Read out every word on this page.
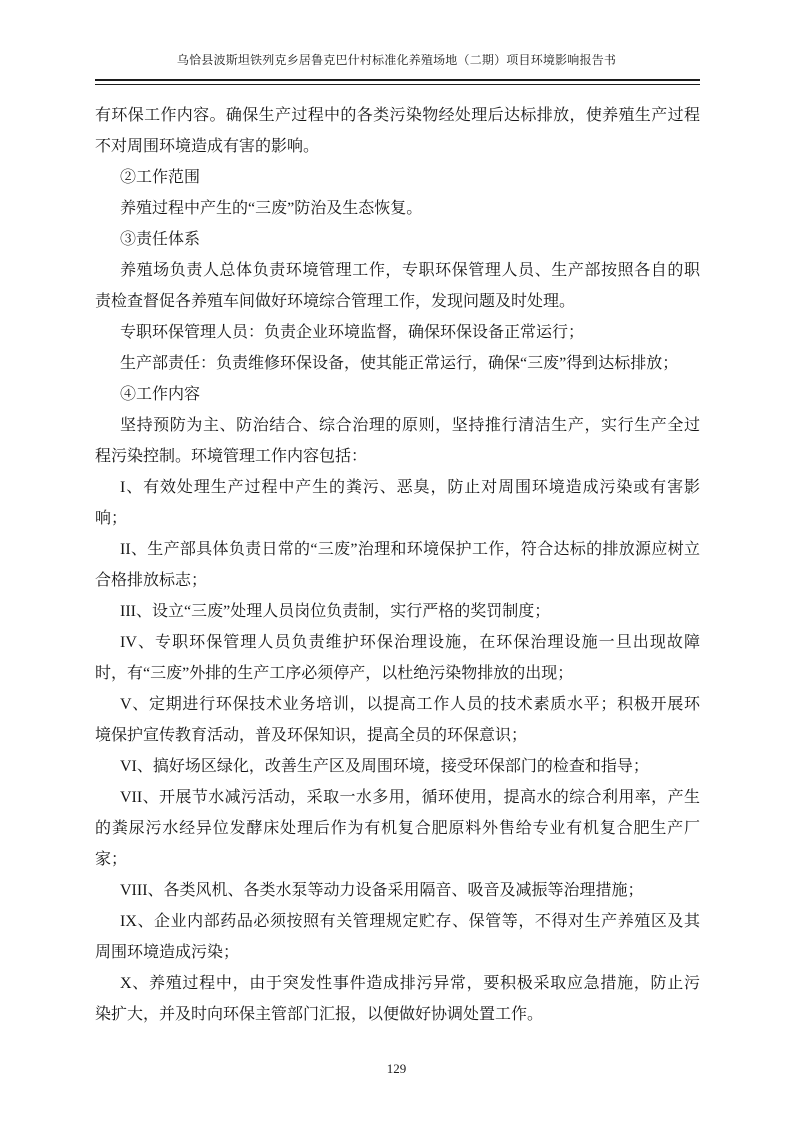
乌恰县波斯坦铁列克乡居鲁克巴什村标准化养殖场地（二期）项目环境影响报告书
有环保工作内容。确保生产过程中的各类污染物经处理后达标排放，使养殖生产过程
不对周围环境造成有害的影响。
②工作范围
养殖过程中产生的“三废”防治及生态恢复。
③责任体系
养殖场负责人总体负责环境管理工作，专职环保管理人员、生产部按照各自的职
责检查督促各养殖车间做好环境综合管理工作，发现问题及时处理。
专职环保管理人员：负责企业环境监督，确保环保设备正常运行；
生产部责任：负责维修环保设备，使其能正常运行，确保“三废”得到达标排放；
④工作内容
坚持预防为主、防治结合、综合治理的原则，坚持推行清洁生产，实行生产全过
程污染控制。环境管理工作内容包括：
I、有效处理生产过程中产生的粪污、恶臭，防止对周围环境造成污染或有害影
响；
II、生产部具体负责日常的“三废”治理和环境保护工作，符合达标的排放源应树立
合格排放标志；
III、设立“三废”处理人员岗位负责制，实行严格的奖罚制度；
IV、专职环保管理人员负责维护环保治理设施，在环保治理设施一旦出现故障
时，有“三废”外排的生产工序必须停产，以杜绝污染物排放的出现；
V、定期进行环保技术业务培训，以提高工作人员的技术素质水平；积极开展环
境保护宣传教育活动，普及环保知识，提高全员的环保意识；
VI、搞好场区绿化，改善生产区及周围环境，接受环保部门的检查和指导；
VII、开展节水减污活动，采取一水多用，循环使用，提高水的综合利用率，产生
的粪尿污水经异位发酵床处理后作为有机复合肥原料外售给专业有机复合肥生产厂
家；
VIII、各类风机、各类水泵等动力设备采用隔音、吸音及减振等治理措施；
IX、企业内部药品必须按照有关管理规定贮存、保管等，不得对生产养殖区及其
周围环境造成污染；
X、养殖过程中，由于突发性事件造成排污异常，要积极采取应急措施，防止污
染扩大，并及时向环保主管部门汇报，以便做好协调处置工作。
129
